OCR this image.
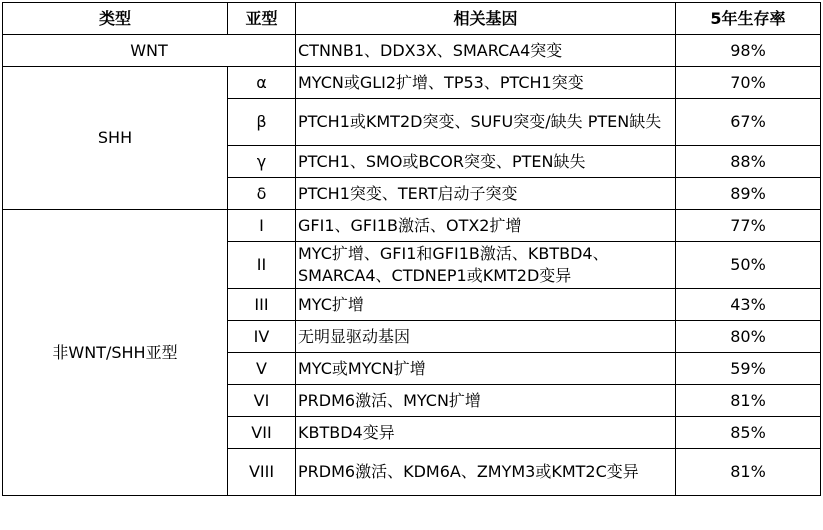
类型	亚型	相关基因	5年生存率
WNT		CTNNB1、DDX3X、SMARCA4突变	98%
SHH	α	MYCN或GLI2扩增、TP53、PTCH1突变	70%
	β	PTCH1或KMT2D突变、SUFU突变/缺失 PTEN缺失	67%
	γ	PTCH1、SMO或BCOR突变、PTEN缺失	88%
	δ	PTCH1突变、TERT启动子突变	89%
非WNT/SHH亚型	I	GFI1、GFI1B激活、OTX2扩增	77%
	II	MYC扩增、GFI1和GFI1B激活、KBTBD4、SMARCA4、CTDNEP1或KMT2D变异	50%
	III	MYC扩增	43%
	IV	无明显驱动基因	80%
	V	MYC或MYCN扩增	59%
	VI	PRDM6激活、MYCN扩增	81%
	VII	KBTBD4变异	85%
	VIII	PRDM6激活、KDM6A、ZMYM3或KMT2C变异	81%
